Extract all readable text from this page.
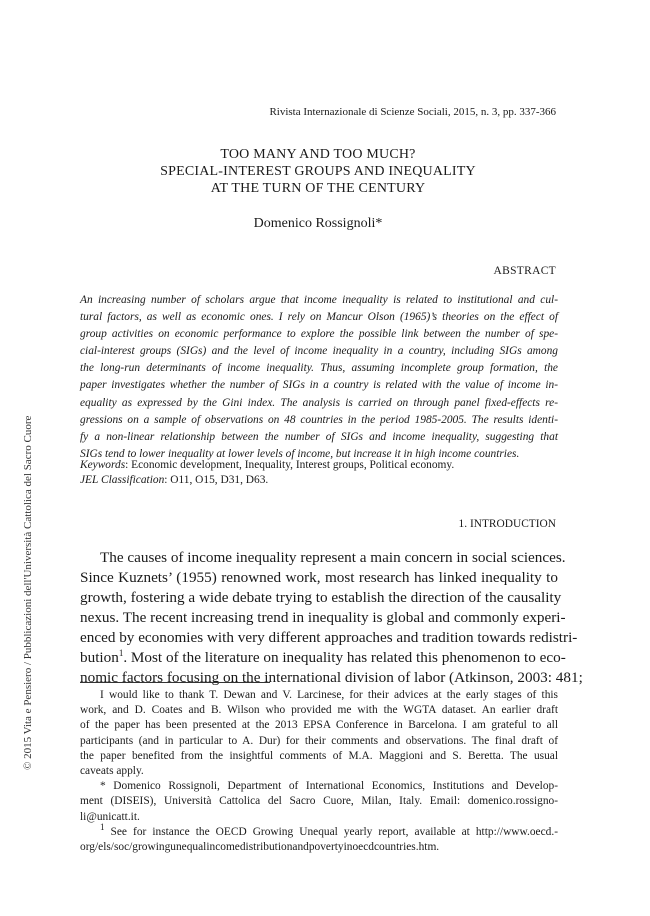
© 2015 Vita e Pensiero / Pubblicazioni dell'Università Cattolica del Sacro Cuore
Rivista Internazionale di Scienze Sociali, 2015, n. 3, pp. 337-366
TOO MANY AND TOO MUCH?
SPECIAL-INTEREST GROUPS AND INEQUALITY
AT THE TURN OF THE CENTURY
Domenico Rossignoli*
ABSTRACT
An increasing number of scholars argue that income inequality is related to institutional and cul-
tural factors, as well as economic ones. I rely on Mancur Olson (1965)’s theories on the effect of
group activities on economic performance to explore the possible link between the number of spe-
cial-interest groups (SIGs) and the level of income inequality in a country, including SIGs among
the long-run determinants of income inequality. Thus, assuming incomplete group formation, the
paper investigates whether the number of SIGs in a country is related with the value of income in-
equality as expressed by the Gini index. The analysis is carried on through panel fixed-effects re-
gressions on a sample of observations on 48 countries in the period 1985-2005. The results identi-
fy a non-linear relationship between the number of SIGs and income inequality, suggesting that
SIGs tend to lower inequality at lower levels of income, but increase it in high income countries.
Keywords: Economic development, Inequality, Interest groups, Political economy.
JEL Classification: O11, O15, D31, D63.
1. INTRODUCTION
The causes of income inequality represent a main concern in social sciences.
Since Kuznets’ (1955) renowned work, most research has linked inequality to
growth, fostering a wide debate trying to establish the direction of the causality
nexus. The recent increasing trend in inequality is global and commonly experi-
enced by economies with very different approaches and tradition towards redistri-
bution$^1$. Most of the literature on inequality has related this phenomenon to eco-
nomic factors focusing on the international division of labor (Atkinson, 2003: 481;
I would like to thank T. Dewan and V. Larcinese, for their advices at the early stages of this
work, and D. Coates and B. Wilson who provided me with the WGTA dataset. An earlier draft
of the paper has been presented at the 2013 EPSA Conference in Barcelona. I am grateful to all
participants (and in particular to A. Dur) for their comments and observations. The final draft of
the paper benefited from the insightful comments of M.A. Maggioni and S. Beretta. The usual
caveats apply.
* Domenico Rossignoli, Department of International Economics, Institutions and Develop-
ment (DISEIS), Università Cattolica del Sacro Cuore, Milan, Italy. Email: domenico.rossigno-
li@unicatt.it.
$^1$ See for instance the OECD Growing Unequal yearly report, available at http://www.oecd.-
org/els/soc/growingunequalincomedistributionandpovertyinoecdcountries.htm.
